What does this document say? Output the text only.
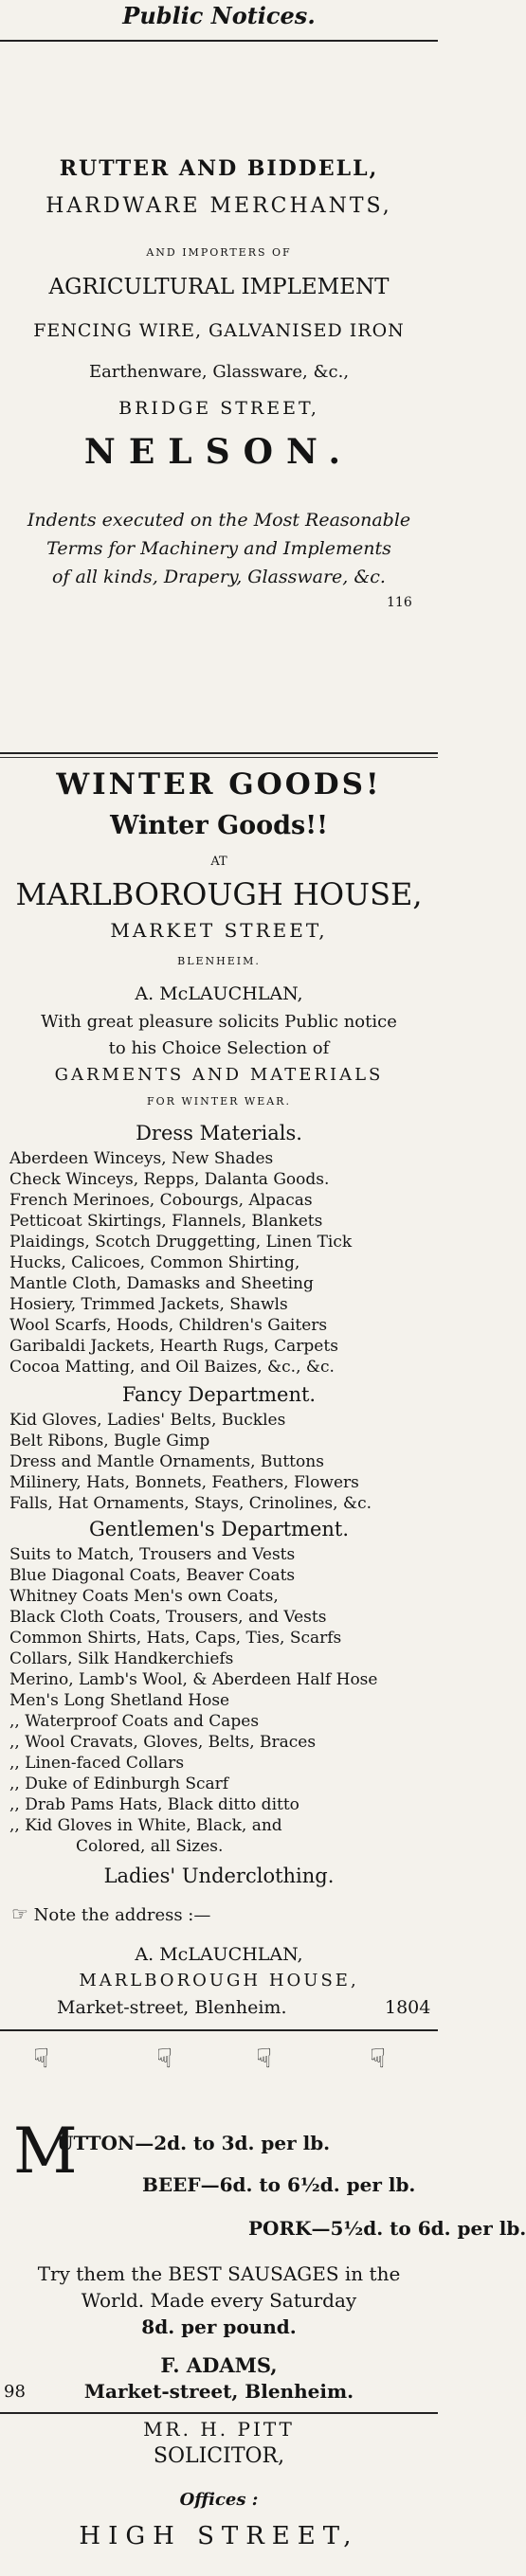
Public Notices.
RUTTER AND BIDDELL,
HARDWARE MERCHANTS,
AND IMPORTERS OF
AGRICULTURAL IMPLEMENT
FENCING WIRE, GALVANISED IRON
Earthenware, Glassware, &c.,
BRIDGE STREET,
NELSON.
Indents executed on the Most Reasonable
Terms for Machinery and Implements
of all kinds, Drapery, Glassware, &c.
116
WINTER GOODS!
Winter Goods!!
AT
MARLBOROUGH HOUSE,
MARKET STREET,
BLENHEIM.
A. McLAUCHLAN,
With great pleasure solicits Public notice
to his Choice Selection of
GARMENTS AND MATERIALS
FOR WINTER WEAR.
Dress Materials.
Aberdeen Winceys, New Shades
Check Winceys, Repps, Dalanta Goods.
French Merinoes, Cobourgs, Alpacas
Petticoat Skirtings, Flannels, Blankets
Plaidings, Scotch Druggetting, Linen Tick
Hucks, Calicoes, Common Shirting,
Mantle Cloth, Damasks and Sheeting
Hosiery, Trimmed Jackets, Shawls
Wool Scarfs, Hoods, Children's Gaiters
Garibaldi Jackets, Hearth Rugs, Carpets
Cocoa Matting, and Oil Baizes, &c., &c.
Fancy Department.
Kid Gloves, Ladies' Belts, Buckles
Belt Ribons, Bugle Gimp
Dress and Mantle Ornaments, Buttons
Milinery, Hats, Bonnets, Feathers, Flowers
Falls, Hat Ornaments, Stays, Crinolines, &c.
Gentlemen's Department.
Suits to Match, Trousers and Vests
Blue Diagonal Coats, Beaver Coats
Whitney Coats Men's own Coats,
Black Cloth Coats, Trousers, and Vests
Common Shirts, Hats, Caps, Ties, Scarfs
Collars, Silk Handkerchiefs
Merino, Lamb's Wool, & Aberdeen Half Hose
Men's Long Shetland Hose
,, Waterproof Coats and Capes
,, Wool Cravats, Gloves, Belts, Braces
,, Linen-faced Collars
,, Duke of Edinburgh Scarf
,, Drab Pams Hats, Black ditto ditto
,, Kid Gloves in White, Black, and
Colored, all Sizes.
Ladies' Underclothing.
☞ Note the address :—
A. McLAUCHLAN,
MARLBOROUGH HOUSE,
Market-street, Blenheim.	1804
☟	☟	☟	☟
M
UTTON—2d. to 3d. per lb.
BEEF—6d. to 6½d. per lb.
PORK—5½d. to 6d. per lb.
Try them the BEST SAUSAGES in the
World. Made every Saturday
8d. per pound.
F. ADAMS,
98	Market-street, Blenheim.
MR. H. PITT
SOLICITOR,
Offices :
HIGH STREET,
